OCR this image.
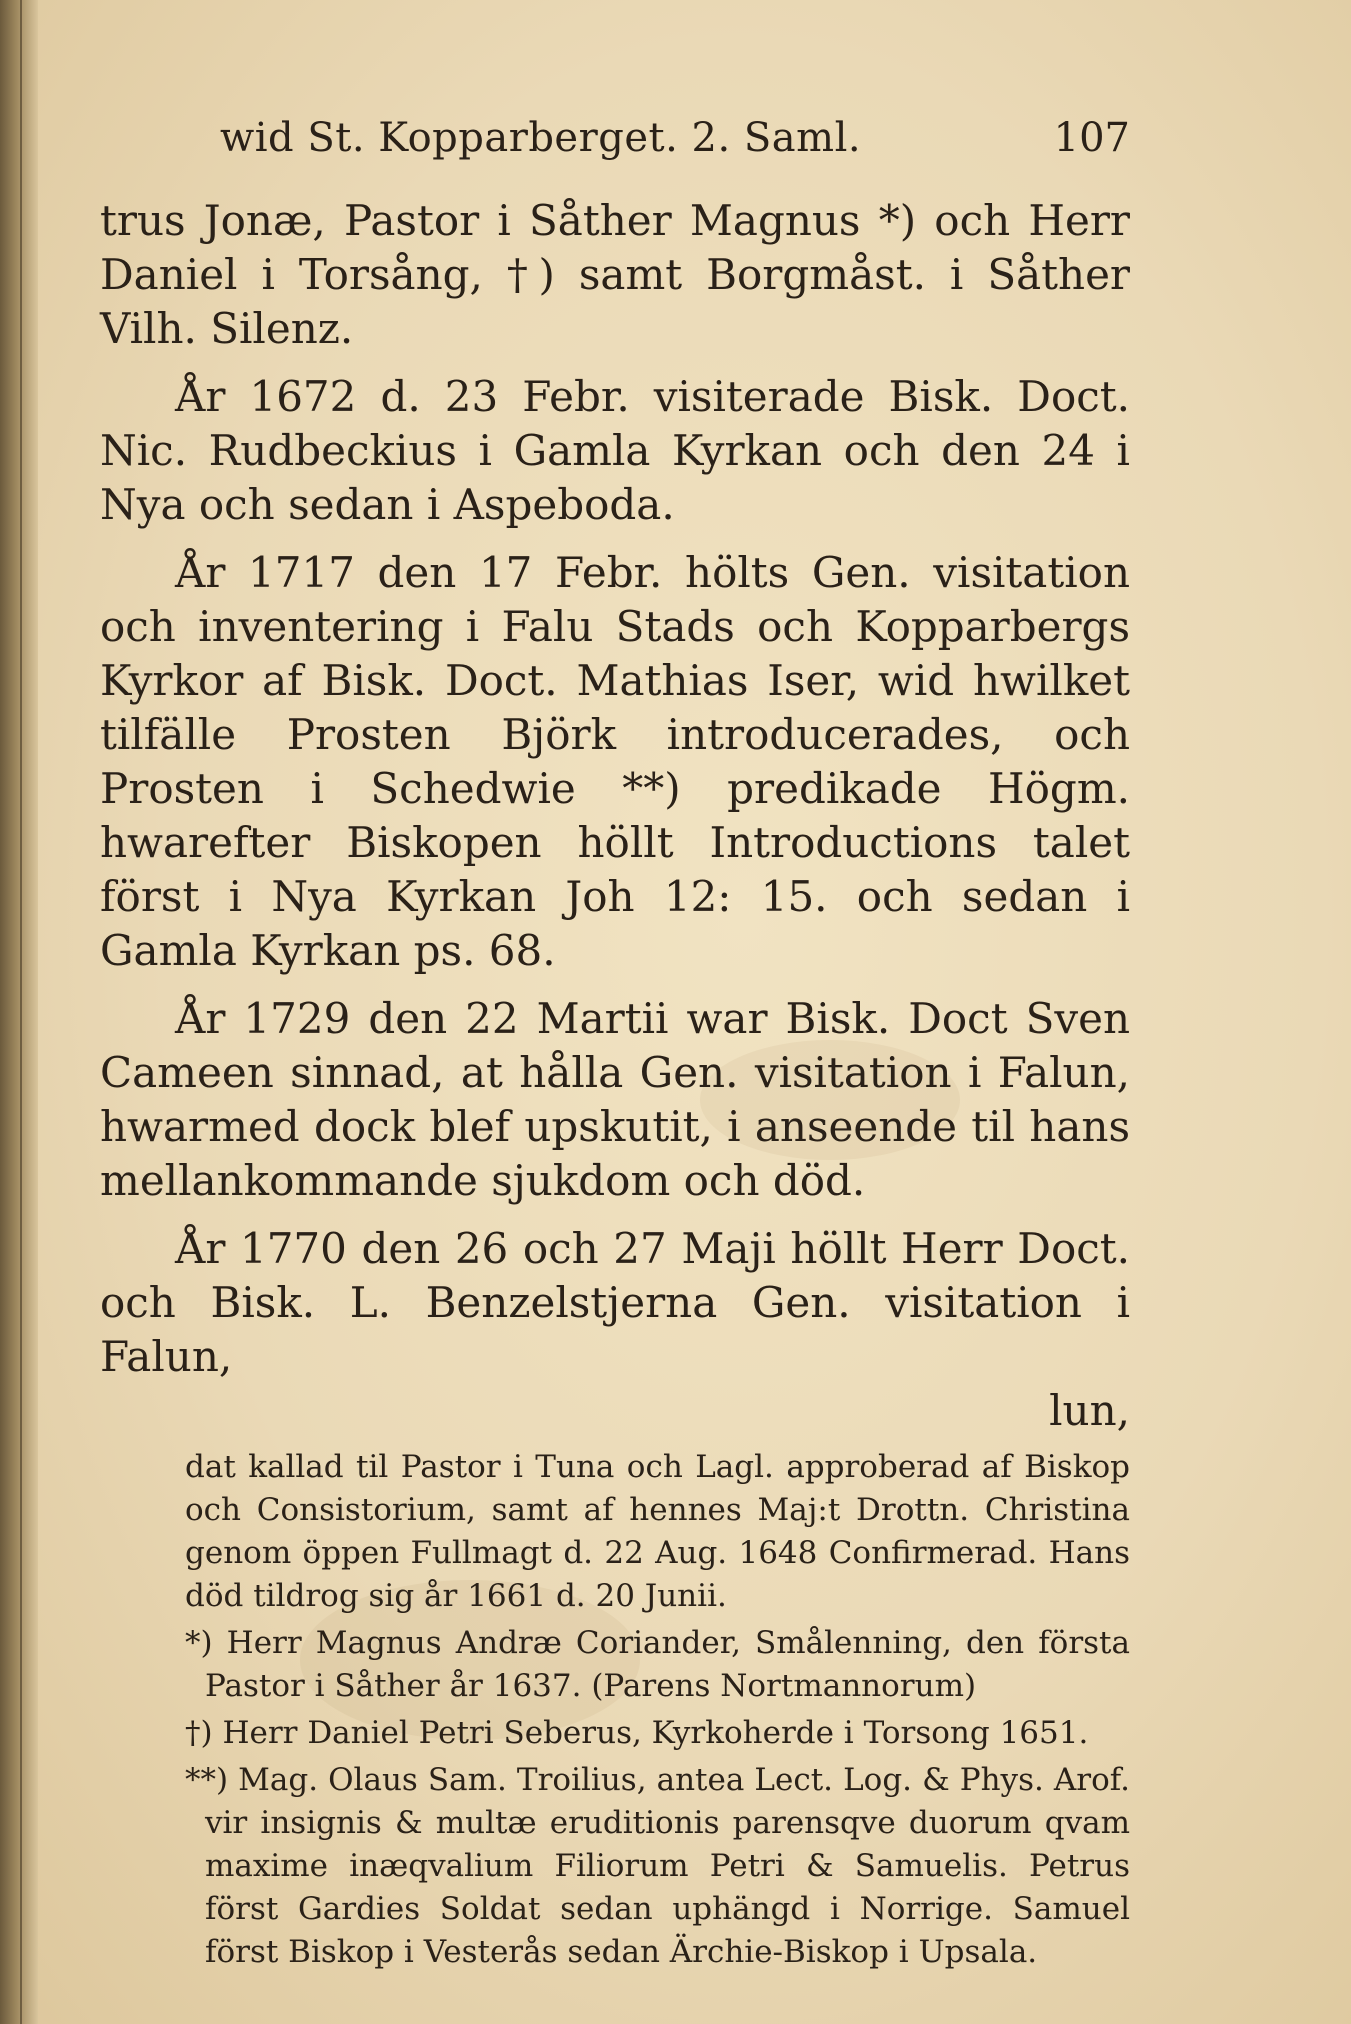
wid St. Kopparberget. 2. Saml.	107

trus Jonæ, Pastor i Såther Magnus *) och Herr Daniel i Torsång, †) samt Borgmåst. i Såther Vilh. Silenz.

År 1672 d. 23 Febr. visiterade Bisk. Doct. Nic. Rudbeckius i Gamla Kyrkan och den 24 i Nya och sedan i Aspeboda.

År 1717 den 17 Febr. hölts Gen. visitation och inventering i Falu Stads och Kopparbergs Kyrkor af Bisk. Doct. Mathias Iser, wid hwilket tilfälle Prosten Björk introducerades, och Prosten i Schedwie **) predikade Högm. hwarefter Biskopen höllt Introductions talet först i Nya Kyrkan Joh 12: 15. och sedan i Gamla Kyrkan ps. 68.

År 1729 den 22 Martii war Bisk. Doct Sven Cameen sinnad, at hålla Gen. visitation i Falun, hwarmed dock blef upskutit, i anseende til hans mellankommande sjukdom och död.

År 1770 den 26 och 27 Maji höllt Herr Doct. och Bisk. L. Benzelstjerna Gen. visitation i Falun,

lun,

dat kallad til Pastor i Tuna och Lagl. approberad af Biskop och Consistorium, samt af hennes Maj:t Drottn. Christina genom öppen Fullmagt d. 22 Aug. 1648 Confirmerad. Hans död tildrog sig år 1661 d. 20 Junii.

*) Herr Magnus Andræ Coriander, Smålenning, den förstа Pastor i Såther år 1637. (Parens Nortmannorum)

†) Herr Daniel Petri Seberus, Kyrkoherde i Torsong 1651.

**) Mag. Olaus Sam. Troilius, antea Lect. Log. & Phys. Arof. vir insignis & multæ eruditionis parensqve duorum qvam maxime inæqvalium Filiorum Petri & Samuelis. Petrus först Gardies Soldat sedan uphängd i Norrige. Samuel först Biskop i Vesterås sedan Ärchie-Biskop i Upsala.
